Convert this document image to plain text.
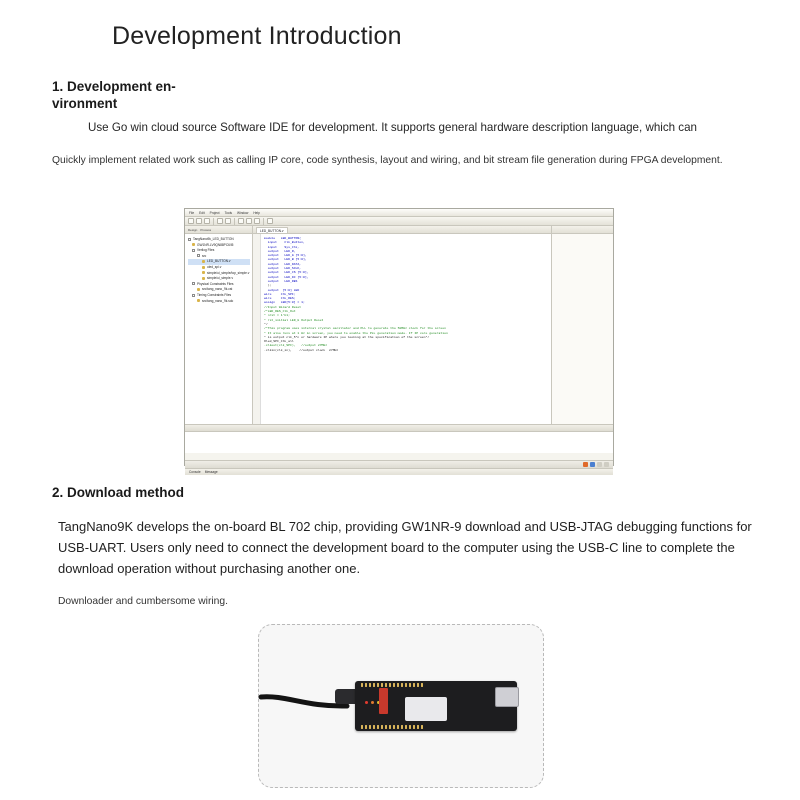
Development Introduction
1. Development en-vironment
Use Go win cloud source Software IDE for development. It supports general hardware description language, which can
Quickly implement related work such as calling IP core, code synthesis, layout and wiring, and bit stream file generation during FPGA development.
File Edit Project Tools Window Help
Design Process
TangNano9k_LED_BUTTON
GW1NR-LV9QN88PC6/I5
Verilog Files
src
LED_BUTTON.v
oled_spi.v
simple/ui_simple/top_simple.v
simple/ui_simple.v
Physical Constraints Files
src/tang_nano_9k.cst
Timing Constraints Files
src/tang_nano_9k.sdc
LED_BUTTON.v
module   LED_BUTTON(
input    Clk_Button,
input    Sys_Clk,
output   LED_R,
output   LED_G [5:0],
output   LED_B [5:0],
output   LED_DATA,
output   LED_SCLK,
output   LED_CS [5:0],
output   LED_DC [5:0],
output   LED_RES
);
output  [5:0] LED
wire     Clk_SPI;
wire     Clk_RES;
assign   LED[5:0] = 1;
//Input Wizard Reset
/*LED_RES_Clk_Out
* nrst = 1'b1;
* rst_initial LED_G Output Reset
*/
/*This program uses internal crystal oscillator and PLL to generate the 50MHz clock for the screen
* It also runs at 1 Hz in screen, you need to enable the PLL generation mode. If IP core generation
* is output clk_5*n or hardware IP where you looking at the specification of the screen*/
Oled_SPI_Clk_all
.clkout(clk_SPI),   //output 27MHz
.clkin(clk_in),    //output clock  27MHz
Console Message
2. Download method
TangNano9K develops the on-board BL 702 chip, providing GW1NR-9 download and USB-JTAG debugging functions for USB-UART. Users only need to connect the development board to the computer using the USB-C line to complete the download operation without purchasing another one.
Downloader and cumbersome wiring.
